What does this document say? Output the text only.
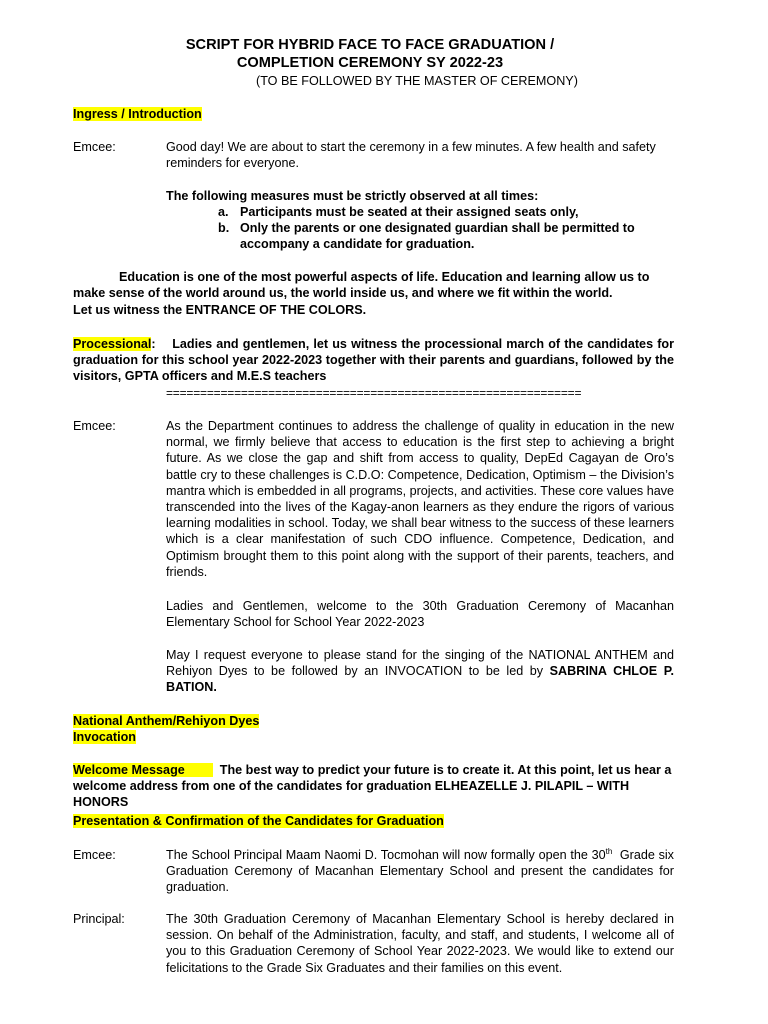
SCRIPT FOR HYBRID FACE TO FACE GRADUATION /
COMPLETION CEREMONY SY 2022-23
(TO BE FOLLOWED BY THE MASTER OF CEREMONY)
Ingress / Introduction
Emcee:	Good day! We are about to start the ceremony in a few minutes. A few health and safety reminders for everyone.
The following measures must be strictly observed at all times:
a. Participants must be seated at their assigned seats only,
b. Only the parents or one designated guardian shall be permitted to accompany a candidate for graduation.
Education is one of the most powerful aspects of life. Education and learning allow us to make sense of the world around us, the world inside us, and where we fit within the world.
Let us witness the ENTRANCE OF THE COLORS.
Processional: Ladies and gentlemen, let us witness the processional march of the candidates for graduation for this school year 2022-2023 together with their parents and guardians, followed by the visitors, GPTA officers and M.E.S teachers
=============================================================
Emcee:	As the Department continues to address the challenge of quality in education in the new normal, we firmly believe that access to education is the first step to achieving a bright future. As we close the gap and shift from access to quality, DepEd Cagayan de Oro’s battle cry to these challenges is C.D.O: Competence, Dedication, Optimism – the Division’s mantra which is embedded in all programs, projects, and activities. These core values have transcended into the lives of the Kagay-anon learners as they endure the rigors of various learning modalities in school. Today, we shall bear witness to the success of these learners which is a clear manifestation of such CDO influence. Competence, Dedication, and Optimism brought them to this point along with the support of their parents, teachers, and friends.
Ladies and Gentlemen, welcome to the 30th Graduation Ceremony of Macanhan Elementary School for School Year 2022-2023
May I request everyone to please stand for the singing of the NATIONAL ANTHEM and Rehiyon Dyes to be followed by an INVOCATION to be led by SABRINA CHLOE P. BATION.
National Anthem/Rehiyon Dyes
Invocation
Welcome Message	The best way to predict your future is to create it. At this point, let us hear a welcome address from one of the candidates for graduation ELHEAZELLE J. PILAPIL – WITH HONORS
Presentation & Confirmation of the Candidates for Graduation
Emcee:	The School Principal Maam Naomi D. Tocmohan will now formally open the 30th Grade six Graduation Ceremony of Macanhan Elementary School and present the candidates for graduation.
Principal:	The 30th Graduation Ceremony of Macanhan Elementary School is hereby declared in session. On behalf of the Administration, faculty, and staff, and students, I welcome all of you to this Graduation Ceremony of School Year 2022-2023. We would like to extend our felicitations to the Grade Six Graduates and their families on this event.
